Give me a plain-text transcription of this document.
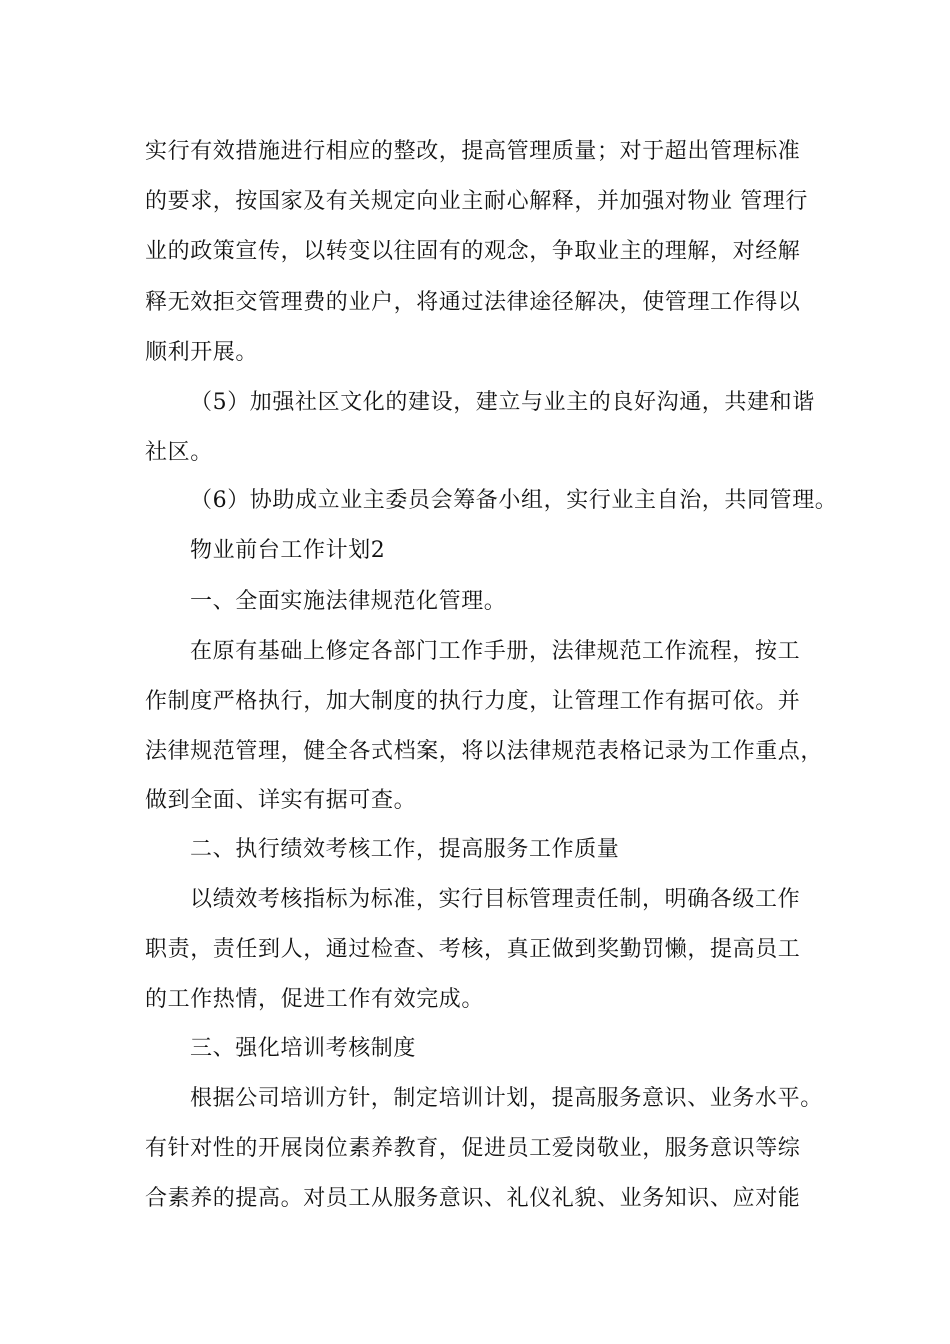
实行有效措施进行相应的整改，提高管理质量；对于超出管理标准
的要求，按国家及有关规定向业主耐心解释，并加强对物业 管理行
业的政策宣传，以转变以往固有的观念，争取业主的理解，对经解
释无效拒交管理费的业户，将通过法律途径解决，使管理工作得以
顺利开展。
（5）加强社区文化的建设，建立与业主的良好沟通，共建和谐
社区。
（6）协助成立业主委员会筹备小组，实行业主自治，共同管理。
物业前台工作计划2
一、全面实施法律规范化管理。
在原有基础上修定各部门工作手册，法律规范工作流程，按工
作制度严格执行，加大制度的执行力度，让管理工作有据可依。并
法律规范管理，健全各式档案，将以法律规范表格记录为工作重点，
做到全面、详实有据可查。
二、执行绩效考核工作，提高服务工作质量
以绩效考核指标为标准，实行目标管理责任制，明确各级工作
职责，责任到人，通过检查、考核，真正做到奖勤罚懒，提高员工
的工作热情，促进工作有效完成。
三、强化培训考核制度
根据公司培训方针，制定培训计划，提高服务意识、业务水平。
有针对性的开展岗位素养教育，促进员工爱岗敬业，服务意识等综
合素养的提高。对员工从服务意识、礼仪礼貌、业务知识、应对能
